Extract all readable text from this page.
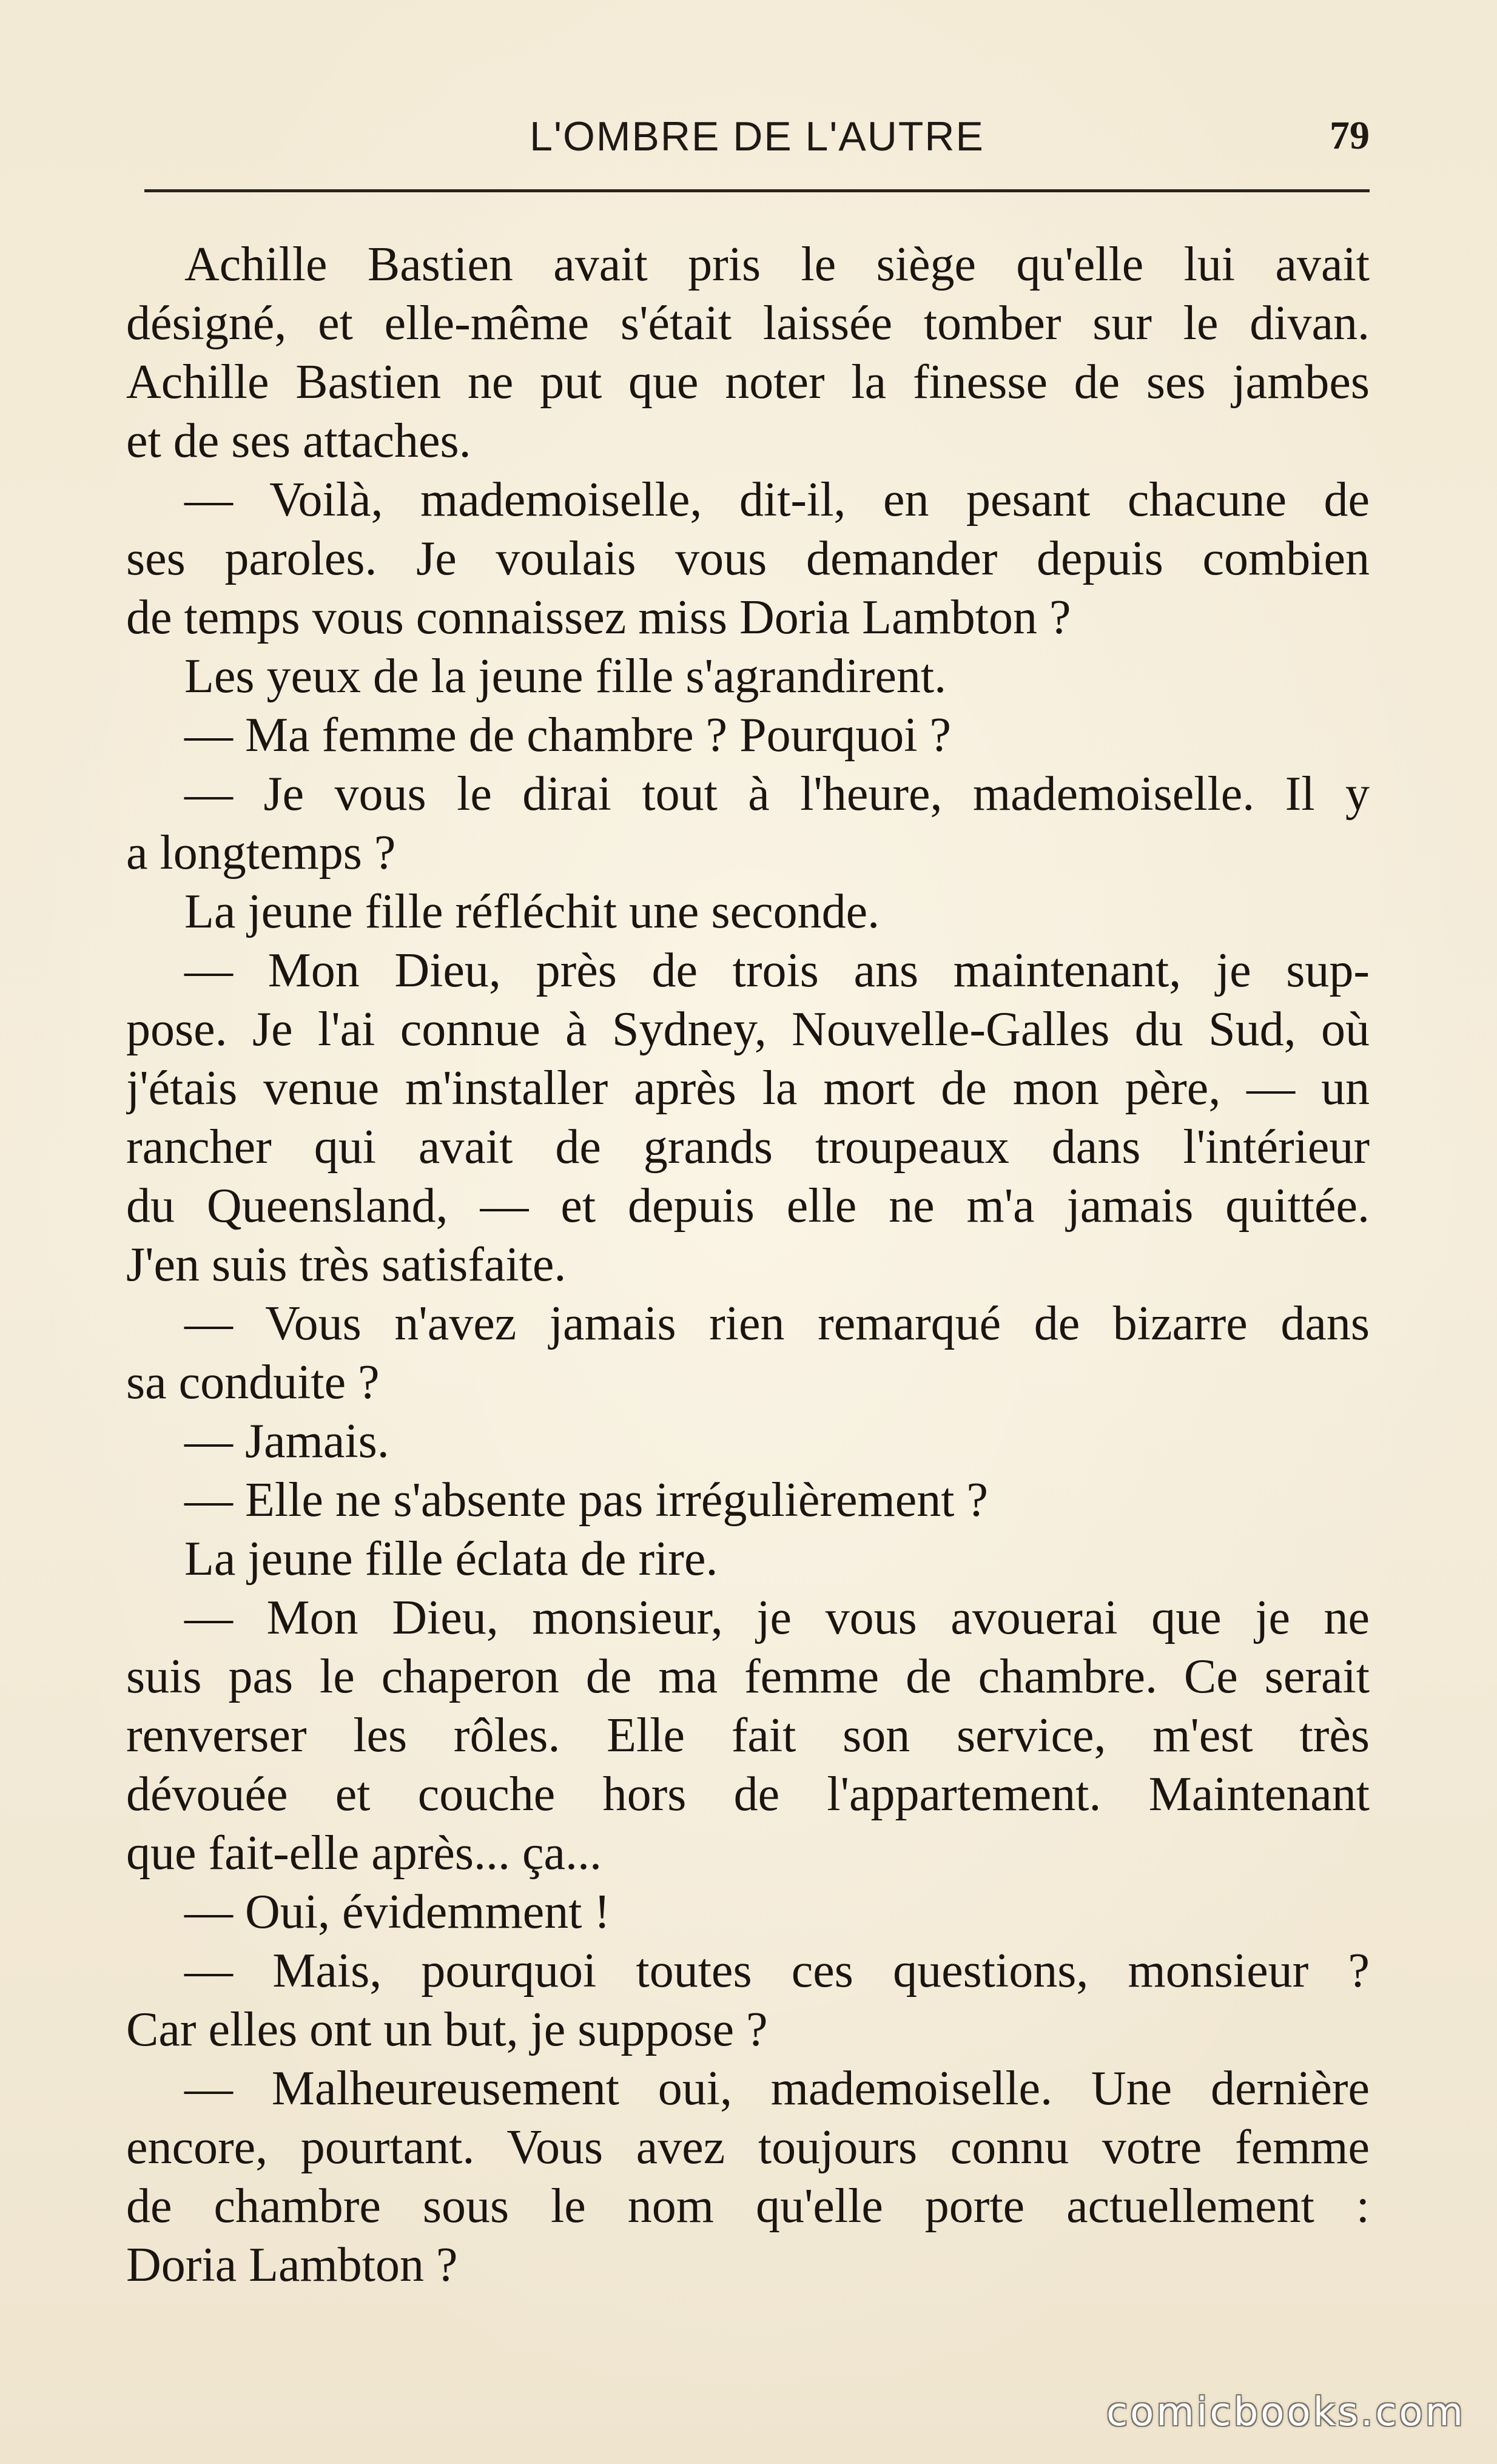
L'OMBRE DE L'AUTRE	79
Achille Bastien avait pris le siège qu'elle lui avait
désigné, et elle-même s'était laissée tomber sur le divan.
Achille Bastien ne put que noter la finesse de ses jambes
et de ses attaches.
— Voilà, mademoiselle, dit-il, en pesant chacune de
ses paroles. Je voulais vous demander depuis combien
de temps vous connaissez miss Doria Lambton ?
Les yeux de la jeune fille s'agrandirent.
— Ma femme de chambre ? Pourquoi ?
— Je vous le dirai tout à l'heure, mademoiselle. Il y
a longtemps ?
La jeune fille réfléchit une seconde.
— Mon Dieu, près de trois ans maintenant, je sup-
pose. Je l'ai connue à Sydney, Nouvelle-Galles du Sud, où
j'étais venue m'installer après la mort de mon père, — un
rancher qui avait de grands troupeaux dans l'intérieur
du Queensland, — et depuis elle ne m'a jamais quittée.
J'en suis très satisfaite.
— Vous n'avez jamais rien remarqué de bizarre dans
sa conduite ?
— Jamais.
— Elle ne s'absente pas irrégulièrement ?
La jeune fille éclata de rire.
— Mon Dieu, monsieur, je vous avouerai que je ne
suis pas le chaperon de ma femme de chambre. Ce serait
renverser les rôles. Elle fait son service, m'est très
dévouée et couche hors de l'appartement. Maintenant
que fait-elle après... ça...
— Oui, évidemment !
— Mais, pourquoi toutes ces questions, monsieur ?
Car elles ont un but, je suppose ?
— Malheureusement oui, mademoiselle. Une dernière
encore, pourtant. Vous avez toujours connu votre femme
de chambre sous le nom qu'elle porte actuellement :
Doria Lambton ?
comicbooks.com
